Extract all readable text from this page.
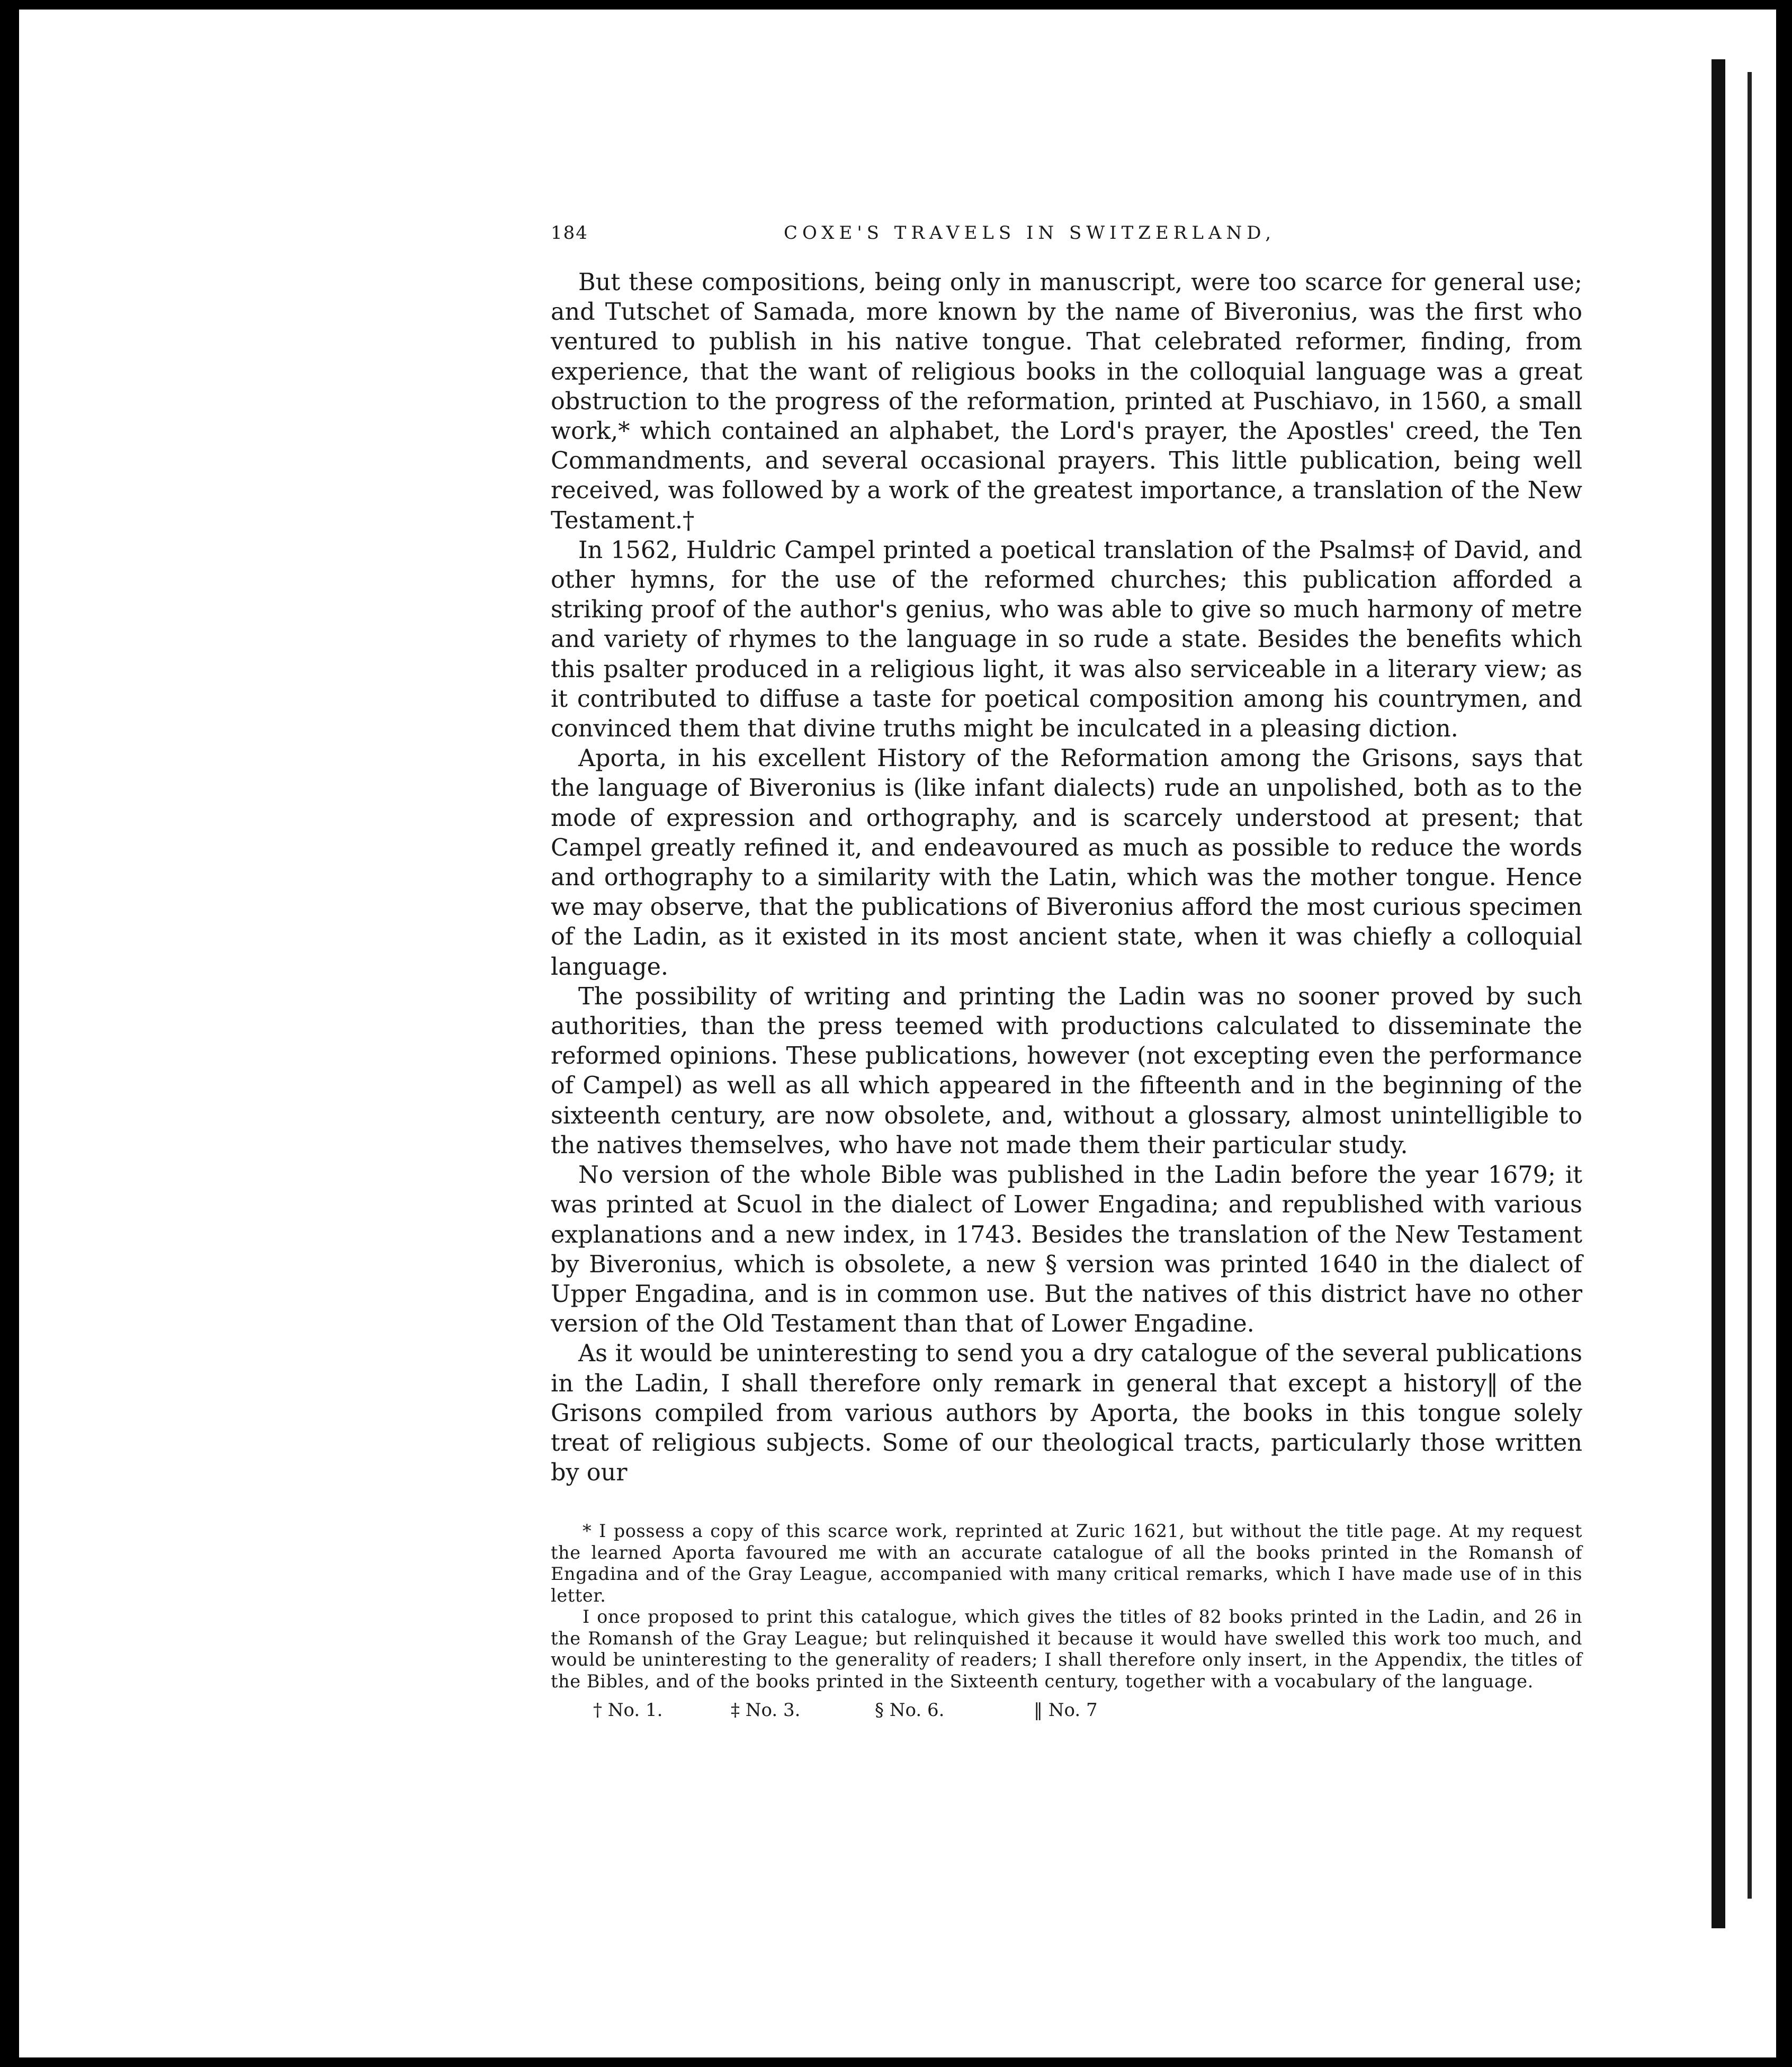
184	COXE'S TRAVELS IN SWITZERLAND,

But these compositions, being only in manuscript, were too scarce for general use; and Tutschet of Samada, more known by the name of Biveronius, was the first who ventured to publish in his native tongue. That celebrated reformer, finding, from experience, that the want of religious books in the colloquial language was a great obstruction to the progress of the reformation, printed at Puschiavo, in 1560, a small work,* which contained an alphabet, the Lord's prayer, the Apostles' creed, the Ten Commandments, and several occasional prayers. This little publication, being well received, was followed by a work of the greatest importance, a translation of the New Testament.†

In 1562, Huldric Campel printed a poetical translation of the Psalms‡ of David, and other hymns, for the use of the reformed churches; this publication afforded a striking proof of the author's genius, who was able to give so much harmony of metre and variety of rhymes to the language in so rude a state. Besides the benefits which this psalter produced in a religious light, it was also serviceable in a literary view; as it contributed to diffuse a taste for poetical composition among his countrymen, and convinced them that divine truths might be inculcated in a pleasing diction.

Aporta, in his excellent History of the Reformation among the Grisons, says that the language of Biveronius is (like infant dialects) rude an unpolished, both as to the mode of expression and orthography, and is scarcely understood at present; that Campel greatly refined it, and endeavoured as much as possible to reduce the words and orthography to a similarity with the Latin, which was the mother tongue. Hence we may observe, that the publications of Biveronius afford the most curious specimen of the Ladin, as it existed in its most ancient state, when it was chiefly a colloquial language.

The possibility of writing and printing the Ladin was no sooner proved by such authorities, than the press teemed with productions calculated to disseminate the reformed opinions. These publications, however (not excepting even the performance of Campel) as well as all which appeared in the fifteenth and in the beginning of the sixteenth century, are now obsolete, and, without a glossary, almost unintelligible to the natives themselves, who have not made them their particular study.

No version of the whole Bible was published in the Ladin before the year 1679; it was printed at Scuol in the dialect of Lower Engadina; and republished with various explanations and a new index, in 1743. Besides the translation of the New Testament by Biveronius, which is obsolete, a new § version was printed 1640 in the dialect of Upper Engadina, and is in common use. But the natives of this district have no other version of the Old Testament than that of Lower Engadine.

As it would be uninteresting to send you a dry catalogue of the several publications in the Ladin, I shall therefore only remark in general that except a history‖ of the Grisons compiled from various authors by Aporta, the books in this tongue solely treat of religious subjects. Some of our theological tracts, particularly those written by our

* I possess a copy of this scarce work, reprinted at Zuric 1621, but without the title page. At my request the learned Aporta favoured me with an accurate catalogue of all the books printed in the Romansh of Engadina and of the Gray League, accompanied with many critical remarks, which I have made use of in this letter.

I once proposed to print this catalogue, which gives the titles of 82 books printed in the Ladin, and 26 in the Romansh of the Gray League; but relinquished it because it would have swelled this work too much, and would be uninteresting to the generality of readers; I shall therefore only insert, in the Appendix, the titles of the Bibles, and of the books printed in the Sixteenth century, together with a vocabulary of the language.

† No. 1.	‡ No. 3.	§ No. 6.	‖ No. 7
